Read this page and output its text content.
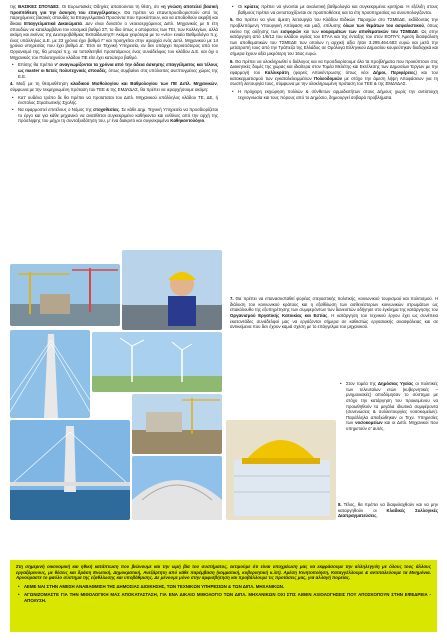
της ΒΑΣΙΚΕΣ ΣΠΟΥΔΕΣ. Οι Ευρωπαϊκές Οδηγίες απαιτούνται τη θέση, ότι «η γνώση αποτελεί βασική προϋπόθεση για την άσκηση του επαγγέλματος». Θα πρέπει να επανεπροσδιοριστούν από τις παρεχόμενες βασικές σπουδές τα Επαγγελματικά Προσόντα που προκύπτουν, και να αποδοθούν ακριβή και δίκαια Επαγγελματικά Δικαιώματα. Δεν είναι δυνατόν ο νεοεισερχόμενος Διπλ. Μηχανικός με 5 έτη σπουδών να καταλαμβάνει τον ισοσμικό βαθμό ΣΤ, το ίδιο όπως ο απόφοιτος των ΤΕΙ, των Κολλεγίων, αλλά ακόμη και εκείνος της Δευτεροβάθμιας Εκπαίδευσης!!! Ακόμα χειρότερα με το «νέο» ενιαίο Βαθμολόγιο π.χ. ένας υπάλληλος Δ.Ε. με 23 χρόνια έχει βαθμό Γ' και προηγείται στην ιεραρχία ενός Διπλ. Μηχανικού με 14 χρόνια υπηρεσίας που έχει βαθμό Δ'. Έτσι σε Τεχνική Υπηρεσία, αν δεν υπάρχει περισσότερος από τον Οργανισμό της, θα μπορεί π.χ. να τοποθετηθεί προϊστάμενος ένας συνάδελφος του κλάδου Δ.Ε. και όχι ο Μηχανικός του Πολυτεχνείου κλάδου ΠΕ είτε έχει κατώτερο βαθμό.

• Επίσης θα πρέπει ν' αναγνωρίζονται τα χρόνια από την άδεια άσκησης επαγγέλματος και τέλους ως master οι 5ετείς πολυτεχνικές σπουδές, όπως συμβαίνει στις υπόλοιπες ανεπτυγμένες χώρες της Ε.Ε.

4. Μαζί με τη θεσμοθέτηση κλαδικού Μισθολογίου και Βαθμολογίου των ΠΕ Διπλ. Μηχανικών, σύμφωνα με την τεκμηριωμένη πρόταση του ΤΕΕ & της ΕΜΔΥΔΑΣ, θα πρέπει να ιεραρχήσουμε ακόμη:

• Κατ' ουδένα τρόπο δε θα πρέπει να προϊσταται του Διπλ. Μηχανικού υπάλληλος κλάδου ΤΕ, ΔΕ, ή ένστολος Στρατιωτικής Σχολής.
• Να εφαρμοστεί επιτέλους ο Νόμος της στοχοθεσίας. Σε κάθε Δημ. Τεχνική Υπηρεσία να προσδιορίζεται το έργο και για κάθε μηχανικό να ανατίθεται συγκεκριμένο καθήκοντα και ευθύνες από την αρχή της πρόσληψης του μέχρι τη συνταξιοδότηση του, μ' ένα διακριτό και συγκεκριμένο Καθηκοντολόγιο.
• Οι κρίσεις πρέπει να γίνονται με αναλυτική βαθμολογία και συγκεκριμένα κριτήρια. Η εξέλιξη στους βαθμούς πρέπει να αντιστοιχίζονται σε προϋποθέσεις και τα έτη προϋπηρεσίας να συνυπολογίζονται.

5. Θα πρέπει να γίνει άμεση λειτουργία του Κλάδου Ειδικών Παροχών στο ΤΣΜΕΔΕ, εκδίδοντας την προβλεπόμενη Υπουργική Απόφαση και μαζί, επίλυσης όλων των θεμάτων του ασφαλιστικού, όπως εκείνο της αύξησης των εισφορών και των κουρεμάτων των αποθεματικών του ΤΣΜΕΔΕ. Ως στην κατάργηση από 1/6/12 του κλάδου υγείας του ΕΤΑΑ και της ένταξης του στον ΕΟΠΥΥ. Άμεση διασφάλιση των αποθεματικών του ΤΣΜΕΔΕ των οποίων η αρχική αξία ήταν 3.295.464.683 ευρώ και μετά την μετατροπή τους από την Τράπεζα της Ελλάδος σε Ομόλογα Ελληνικού Δημοσίου κουρεύτηκαν διαδοχικά και σήμερα έχουν αξία μικρότερη του 16ος ευρώ.

6. Θα πρέπει να ολοκληρωθεί ο διάλογος και να προσδιορίσουμε όλα τα προβλήματα που προκύπτουν στις Διοικητικές δομές της χώρας και ιδιαίτερα στον Τομέα Μελέτης και Εκτέλεσης των Δημοσίων Έργων με την εφαρμογή του Καλλικράτη (φορείς Αποκέντρωσης όπως νέοι Δήμοι, Περιφέρειες) και του κατακερματισμού των εγκαταλελειμμένων Πολεοδομιών με στόχο την άμεση λήψη Αποφάσεων για τη σωστή λειτουργία τους, σύμφωνα με την ολοκληρωμένη πρόταση του ΤΕΕ & της ΕΜΔΥΔΑΣ.

• Η πρόχειρη εκχώρηση πολλών & σύνθετων αρμοδιοτήτων στους Δήμους χωρίς την αντίστοιχη τεχνογνωσία και τους πόρους από το Δημόσιο, δημιουργεί σοβαρά προβλήματα.
7. Θα πρέπει να επανασυσταθεί φορέας στεγαστικής πολιτικής, κοινωνικού τουρισμού και πολιτισμού. Η διάλυση του κοινωνικού κράτους και η εξαθλίωση των ασθενέστερων κοινωνικών στρωμάτων ως επακόλουθο της εξυπηρέτησης των συμφερόντων των δανειστών οδήγησε στο έγκλημα της κατάργησης του Οργανισμού Εργατικής Κατοικίας και Εστίας. Η κατάργηση του τεχνικού έργου έχει ως συνέπεια εκατοντάδες συνάδελφοί μας να εργάζονται σήμερα σε καθεστώς εργασιακής ανασφάλειας και σε αντικείμενα που δεν έχουν καμιά σχέση με το επάγγελμα του μηχανικού.
• Στον τομέα της Δημόσιας Υγείας οι πολιτικές των τελευταίων ετών (κυβερνητικές – μνημονιακές) αποδόμησαν το σύστημα με στόχο την κατάργηση του προκειμένου να προωθηθούν τα μεγάλα ιδιωτικά συμφέροντα (συνενώσεις & συλλειτουργίες νοσοκομείων). Παράλληλα απαξιώθηκαν οι Τεχν. Υπηρεσίες των νοσοκομείων και οι Διπλ. Μηχανικοί που υπηρετούν σ' αυτές.
8. Τέλος, θα πρέπει να διαφυλαχθούν και να μην καταργηθούν οι Κλαδικές Συλλογικές Διαπραγματεύσεις.

Στη σημερινή οικονομική και ηθική κατάπτωση που βιώνουμε και την ωμή βία του συστήματος, εκτιμούμε ότι είναι υποχρέωση μας να εκφράσουμε την αλληλεγγύη με όλους τους άλλους εργαζόμενους, με θέσεις και δράση Ενωτική, Δημοκρατική, Ανεξάρτητη από κάθε παρέμβαση (κομματική, κυβερνητική κ.λπ). Αμέση Κινητοποίηση, Καταγγέλλουμε & αντιπαλεύουμε τα Μνημόνια. Αρνούμαστε το φαύλο σύστημα της εξαθλίωσης και υποβάθμισης. Δε μένουμε μόνο στην αμφισβήτηση και προβάλλουμε τις προτάσεις μας, για αλλαγή πορείας.

• ΛΕΜΕ ΝΑΙ ΣΤΗΝ ΑΜΕΣΗ ΑΝΑΒΑΘΜΙΣΗ ΤΗΣ ΔΗΜΟΣΙΑΣ ΔΙΟΙΚΗΣΗΣ, ΤΩΝ ΤΕΧΝΙΚΩΝ ΥΠΗΡΕΣΙΩΝ & ΤΩΝ ΔΙΠΛ. ΜΗΧΑΝΙΚΩΝ.
• ΑΓΩΝΙΖΟΜΑΣΤΕ ΓΙΑ ΤΗΝ ΜΙΘΟΛΟΓΙΚΗ ΜΑΣ ΑΠΟΚΑΤΑΣΤΑΣΗ, ΓΙΑ ΕΝΑ ΔΙΚΑΙΟ ΜΙΘΟΛΟΓΙΟ ΤΩΝ ΔΙΠΛ. ΜΗΧΑΝΙΚΩΝ ΟΧΙ ΣΤΙΣ ΑΙΘΕΝ ΑΞΙΟΛΟΓΗΣΕΙΣ ΠΟΥ ΑΠΟΣΚΟΠΟΥΝ ΣΤΗΝ ΕΦΕΔΡΕΙΑ - ΑΠΟΛΥΣΗ.
